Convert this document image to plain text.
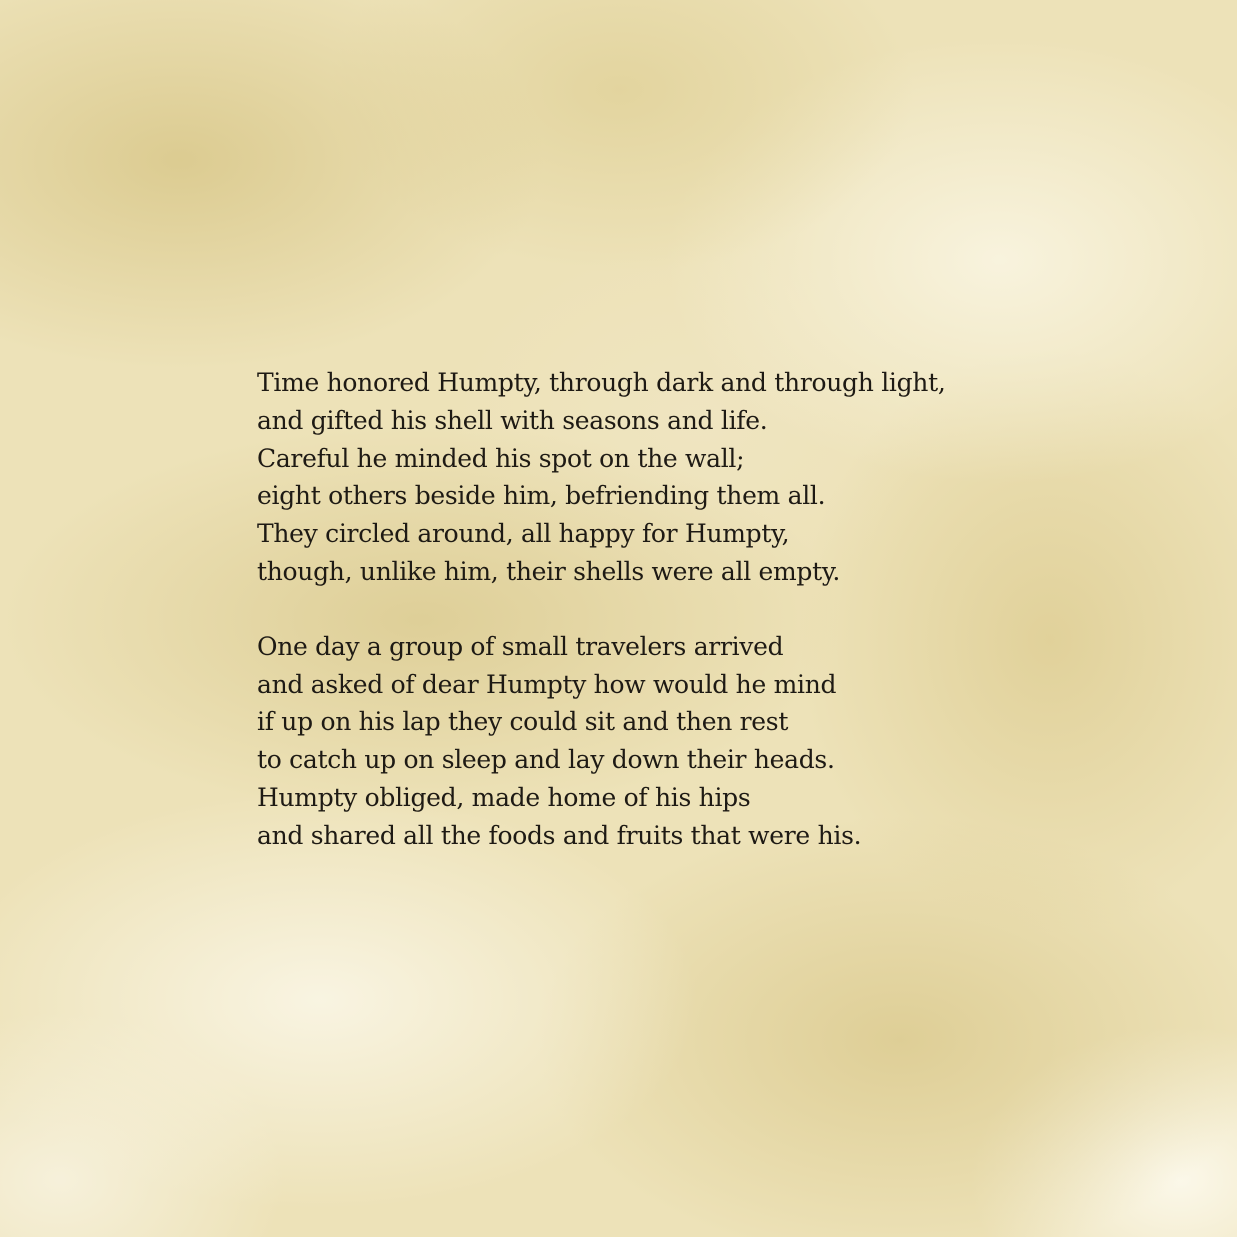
Time honored Humpty, through dark and through light,
and gifted his shell with seasons and life.
Careful he minded his spot on the wall;
eight others beside him, befriending them all.
They circled around, all happy for Humpty,
though, unlike him, their shells were all empty.

One day a group of small travelers arrived
and asked of dear Humpty how would he mind
if up on his lap they could sit and then rest
to catch up on sleep and lay down their heads.
Humpty obliged, made home of his hips
and shared all the foods and fruits that were his.
